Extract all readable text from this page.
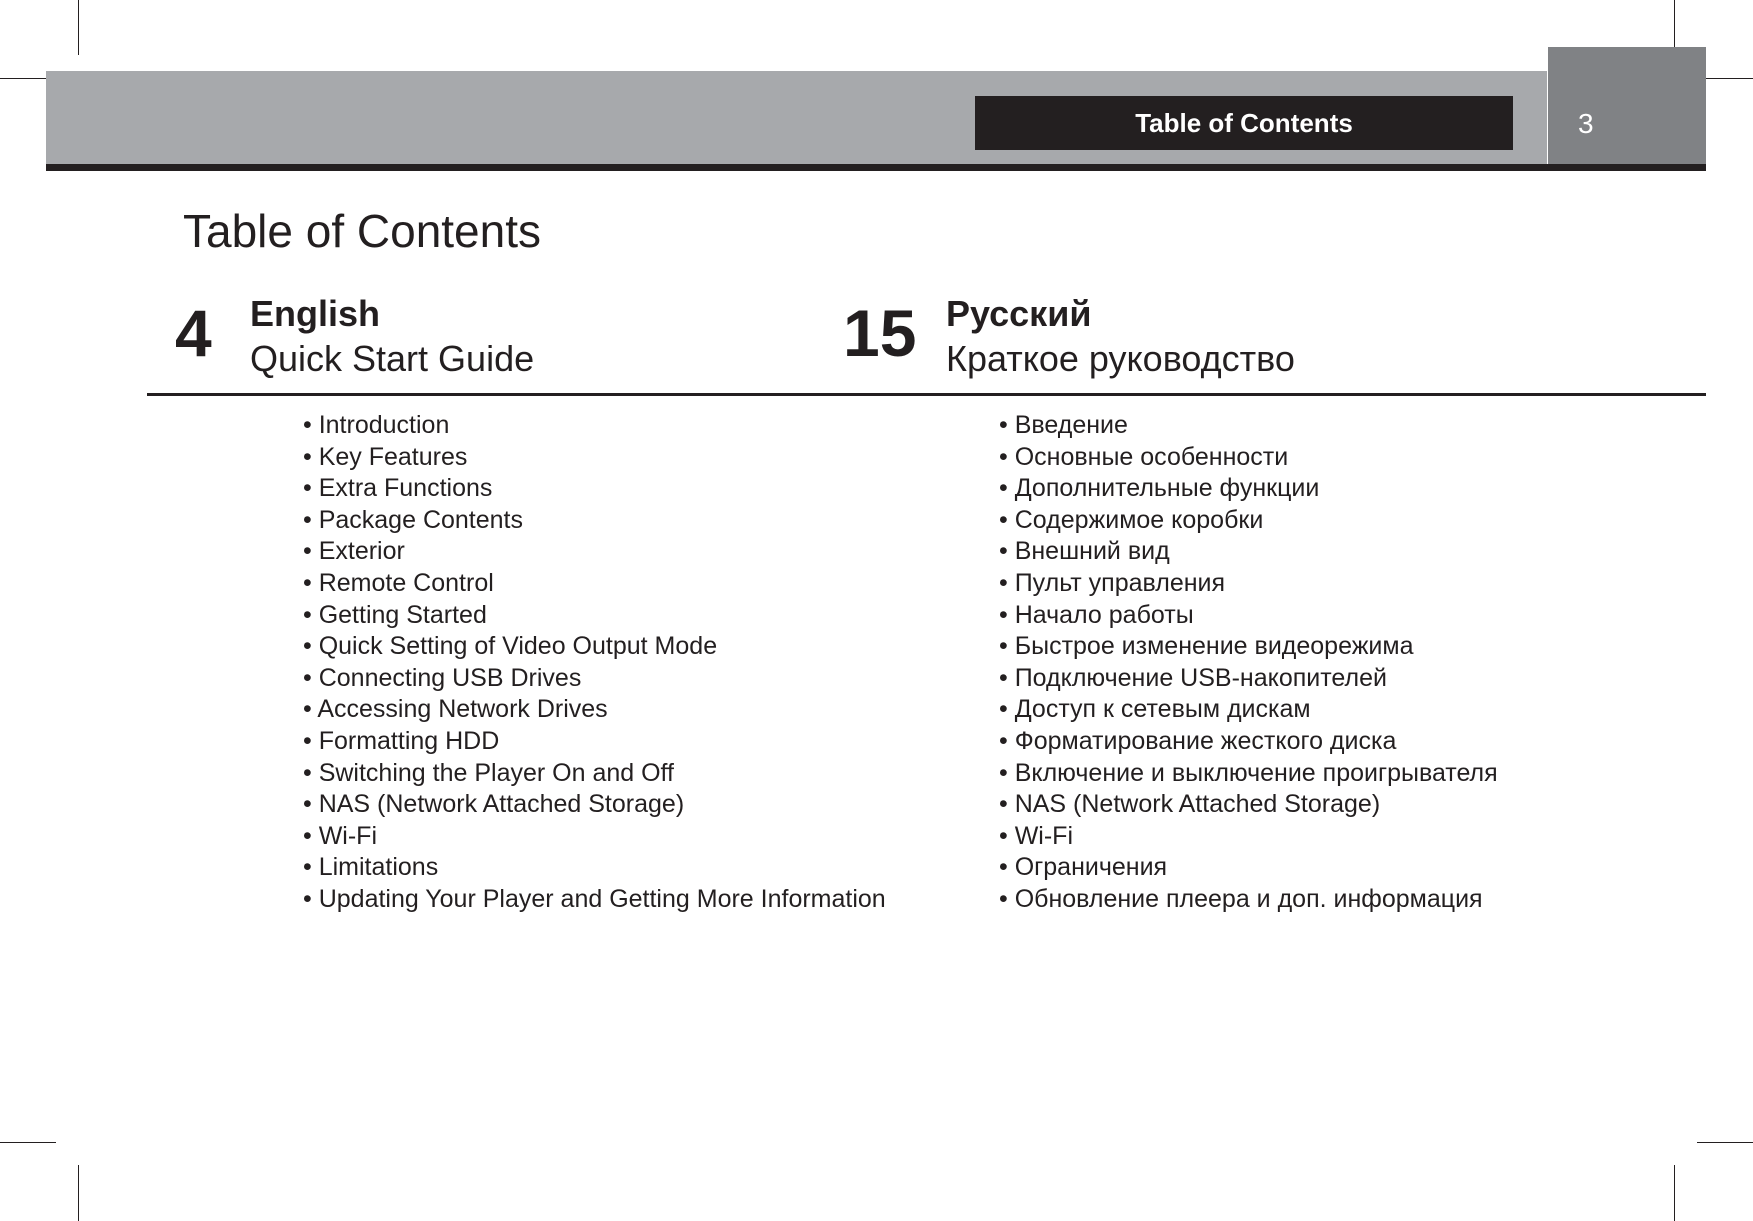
Table of Contents	3
Table of Contents
4 English
Quick Start Guide	15 Русский
Краткое руководство
• Introduction
• Key Features
• Extra Functions
• Package Contents
• Exterior
• Remote Control
• Getting Started
• Quick Setting of Video Output Mode
• Connecting USB Drives
• Accessing Network Drives
• Formatting HDD
• Switching the Player On and Off
• NAS (Network Attached Storage)
• Wi-Fi
• Limitations
• Updating Your Player and Getting More Information
• Введение
• Основные особенности
• Дополнительные функции
• Содержимое коробки
• Внешний вид
• Пульт управления
• Начало работы
• Быстрое изменение видеорежима
• Подключение USB-накопителей
• Доступ к сетевым дискам
• Форматирование жесткого диска
• Включение и выключение проигрывателя
• NAS (Network Attached Storage)
• Wi-Fi
• Ограничения
• Обновление плеера и доп. информация
